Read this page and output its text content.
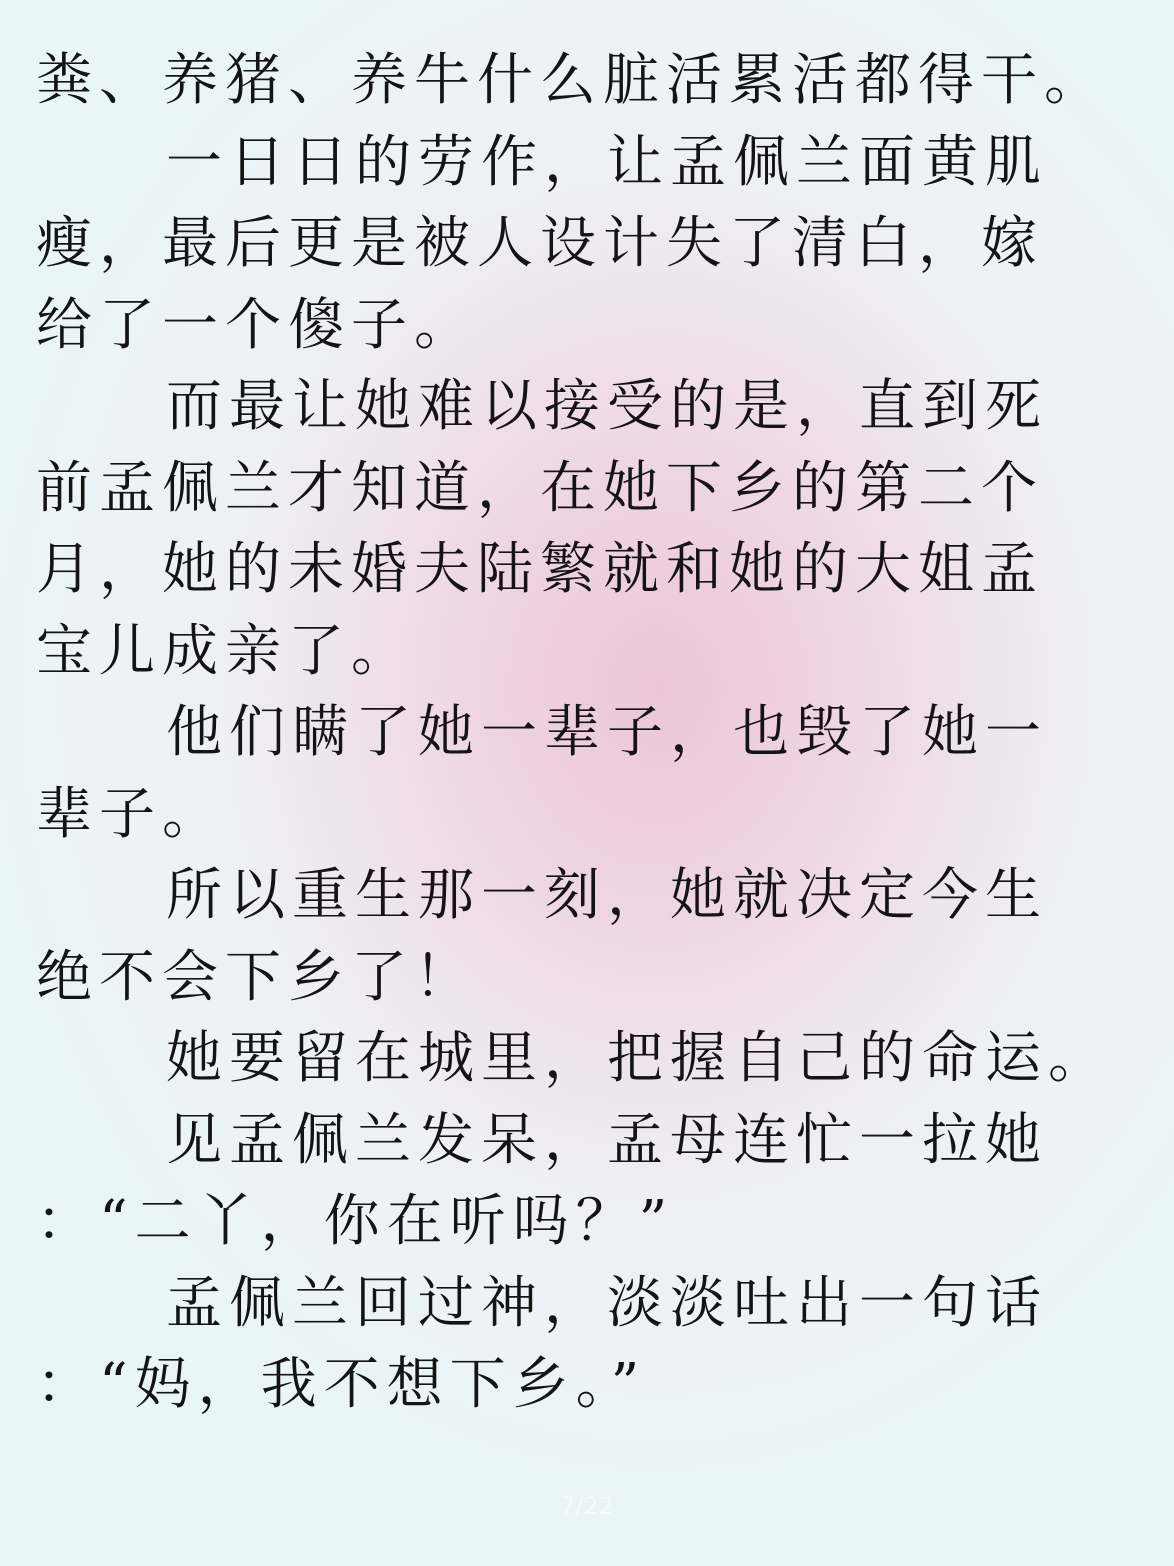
粪、养猪、养牛什么脏活累活都得干。
一日日的劳作，让孟佩兰面黄肌
瘦，最后更是被人设计失了清白，嫁
给了一个傻子。
而最让她难以接受的是，直到死
前孟佩兰才知道，在她下乡的第二个
月，她的未婚夫陆繁就和她的大姐孟
宝儿成亲了。
他们瞒了她一辈子，也毁了她一
辈子。
所以重生那一刻，她就决定今生
绝不会下乡了！
她要留在城里，把握自己的命运。
见孟佩兰发呆，孟母连忙一拉她
：“二丫，你在听吗？”
孟佩兰回过神，淡淡吐出一句话
：“妈，我不想下乡。”
7/22
